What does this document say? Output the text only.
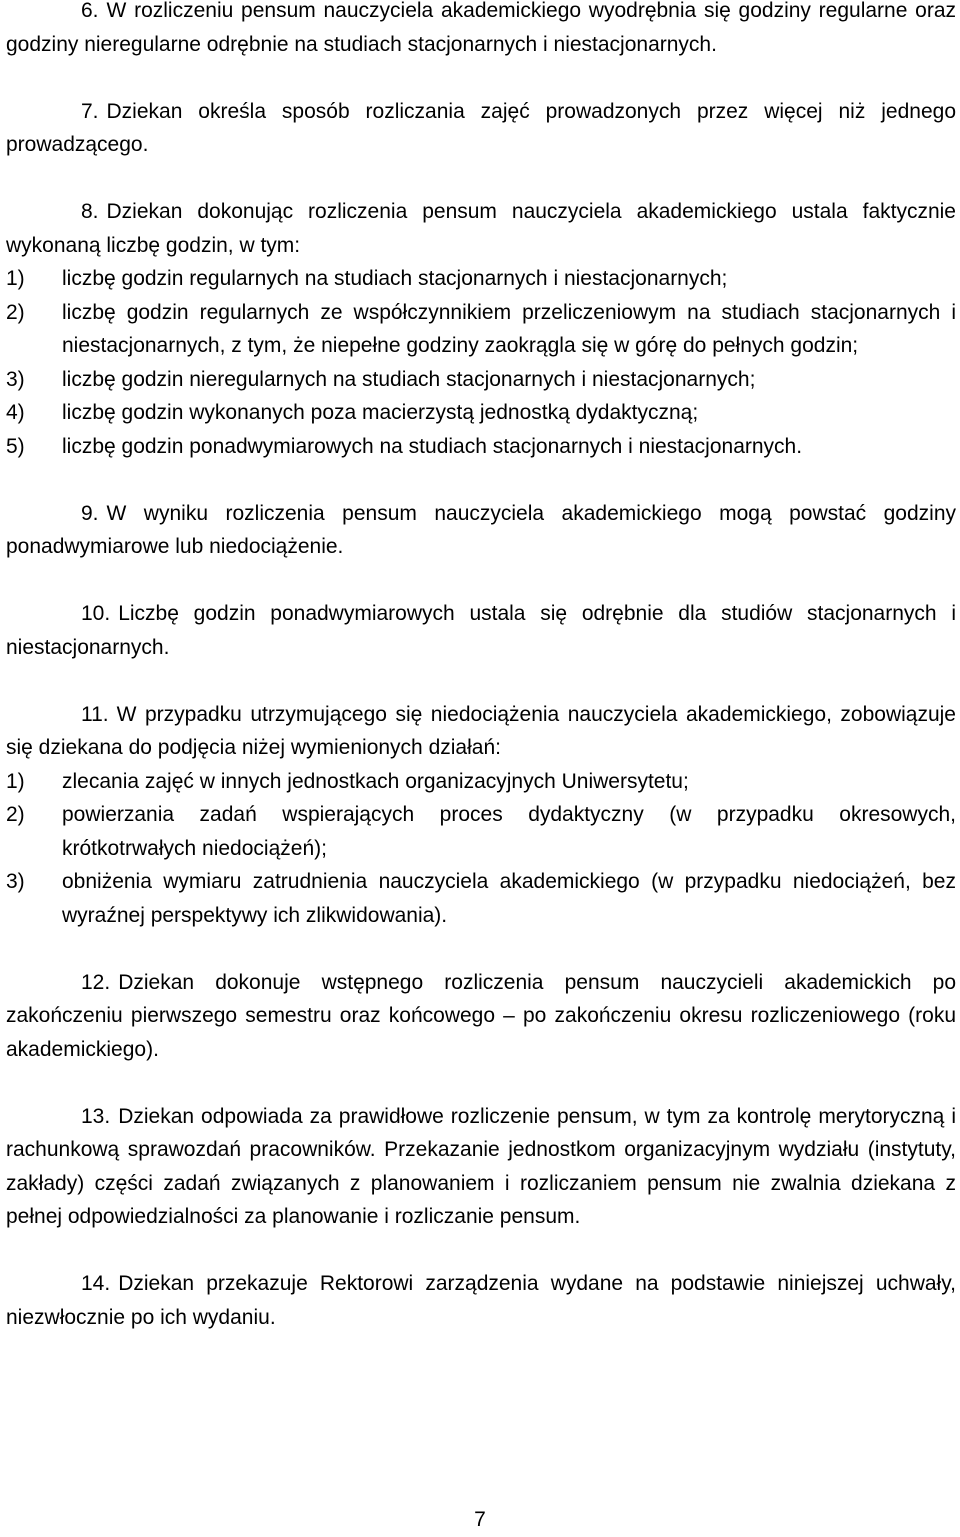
6. W rozliczeniu pensum nauczyciela akademickiego wyodrębnia się godziny regularne oraz godziny nieregularne odrębnie na studiach stacjonarnych i niestacjonarnych.

7. Dziekan określa sposób rozliczania zajęć prowadzonych przez więcej niż jednego prowadzącego.

8. Dziekan dokonując rozliczenia pensum nauczyciela akademickiego ustala faktycznie wykonaną liczbę godzin, w tym:

1) liczbę godzin regularnych na studiach stacjonarnych i niestacjonarnych;
2) liczbę godzin regularnych ze współczynnikiem przeliczeniowym na studiach stacjonarnych i niestacjonarnych, z tym, że niepełne godziny zaokrągla się w górę do pełnych godzin;
3) liczbę godzin nieregularnych na studiach stacjonarnych i niestacjonarnych;
4) liczbę godzin wykonanych poza macierzystą jednostką dydaktyczną;
5) liczbę godzin ponadwymiarowych na studiach stacjonarnych i niestacjonarnych.

9. W wyniku rozliczenia pensum nauczyciela akademickiego mogą powstać godziny ponadwymiarowe lub niedociążenie.

10. Liczbę godzin ponadwymiarowych ustala się odrębnie dla studiów stacjonarnych i niestacjonarnych.

11. W przypadku utrzymującego się niedociążenia nauczyciela akademickiego, zobowiązuje się dziekana do podjęcia niżej wymienionych działań:

1) zlecania zajęć w innych jednostkach organizacyjnych Uniwersytetu;
2) powierzania zadań wspierających proces dydaktyczny (w przypadku okresowych, krótkotrwałych niedociążeń);
3) obniżenia wymiaru zatrudnienia nauczyciela akademickiego (w przypadku niedociążeń, bez wyraźnej perspektywy ich zlikwidowania).

12. Dziekan dokonuje wstępnego rozliczenia pensum nauczycieli akademickich po zakończeniu pierwszego semestru oraz końcowego – po zakończeniu okresu rozliczeniowego (roku akademickiego).

13. Dziekan odpowiada za prawidłowe rozliczenie pensum, w tym za kontrolę merytoryczną i rachunkową sprawozdań pracowników. Przekazanie jednostkom organizacyjnym wydziału (instytuty, zakłady) części zadań związanych z planowaniem i rozliczaniem pensum nie zwalnia dziekana z pełnej odpowiedzialności za planowanie i rozliczanie pensum.

14. Dziekan przekazuje Rektorowi zarządzenia wydane na podstawie niniejszej uchwały, niezwłocznie po ich wydaniu.

7
